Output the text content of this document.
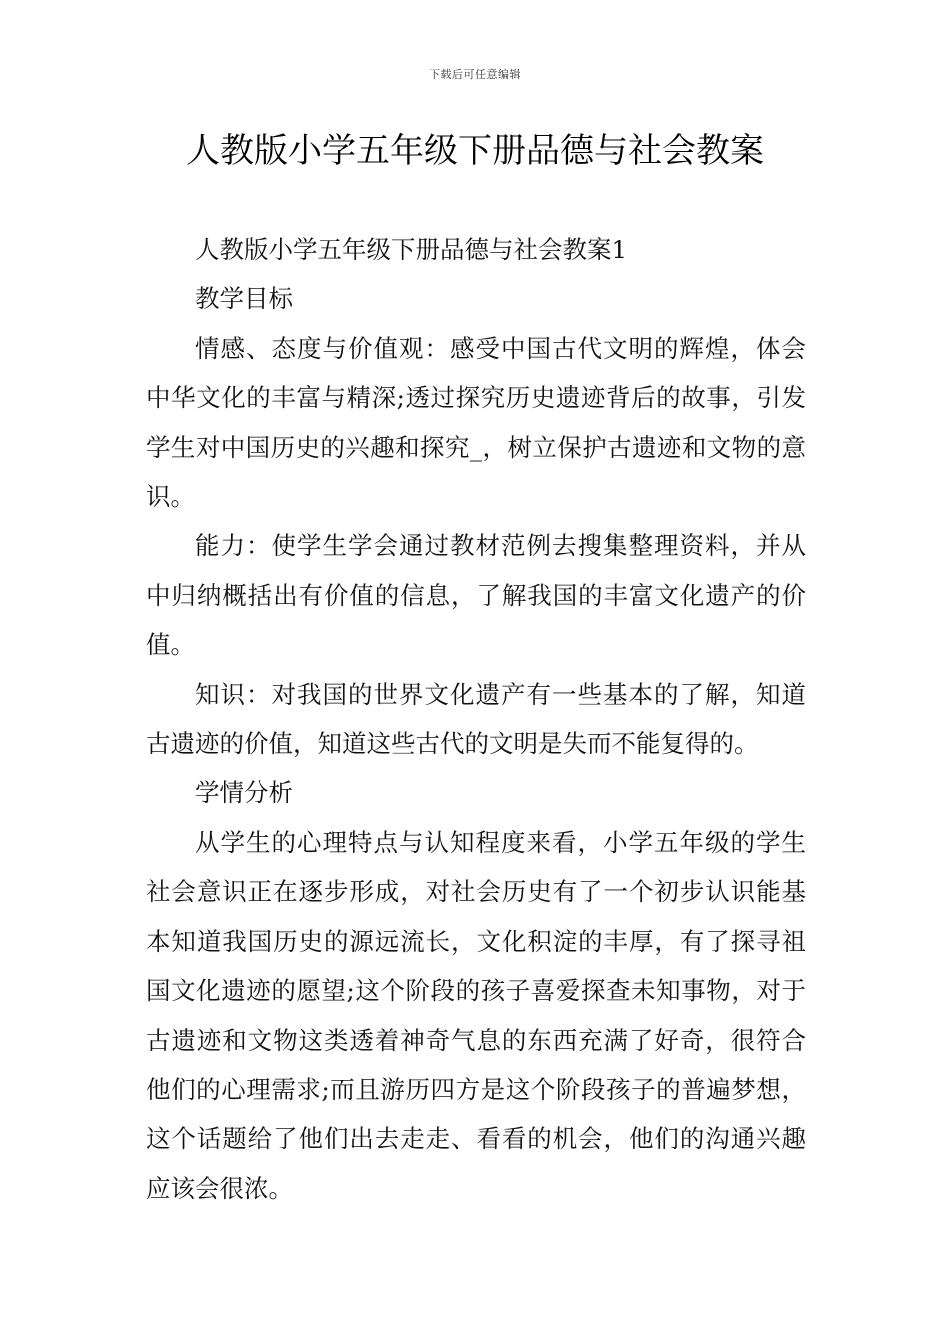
下载后可任意编辑
人教版小学五年级下册品德与社会教案

人教版小学五年级下册品德与社会教案1

教学目标

情感、态度与价值观：感受中国古代文明的辉煌，体会中华文化的丰富与精深;透过探究历史遗迹背后的故事，引发学生对中国历史的兴趣和探究_，树立保护古遗迹和文物的意识。

能力：使学生学会通过教材范例去搜集整理资料，并从中归纳概括出有价值的信息，了解我国的丰富文化遗产的价值。

知识：对我国的世界文化遗产有一些基本的了解，知道古遗迹的价值，知道这些古代的文明是失而不能复得的。

学情分析

从学生的心理特点与认知程度来看，小学五年级的学生社会意识正在逐步形成，对社会历史有了一个初步认识能基本知道我国历史的源远流长，文化积淀的丰厚，有了探寻祖国文化遗迹的愿望;这个阶段的孩子喜爱探查未知事物，对于古遗迹和文物这类透着神奇气息的东西充满了好奇，很符合他们的心理需求;而且游历四方是这个阶段孩子的普遍梦想，这个话题给了他们出去走走、看看的机会，他们的沟通兴趣应该会很浓。
